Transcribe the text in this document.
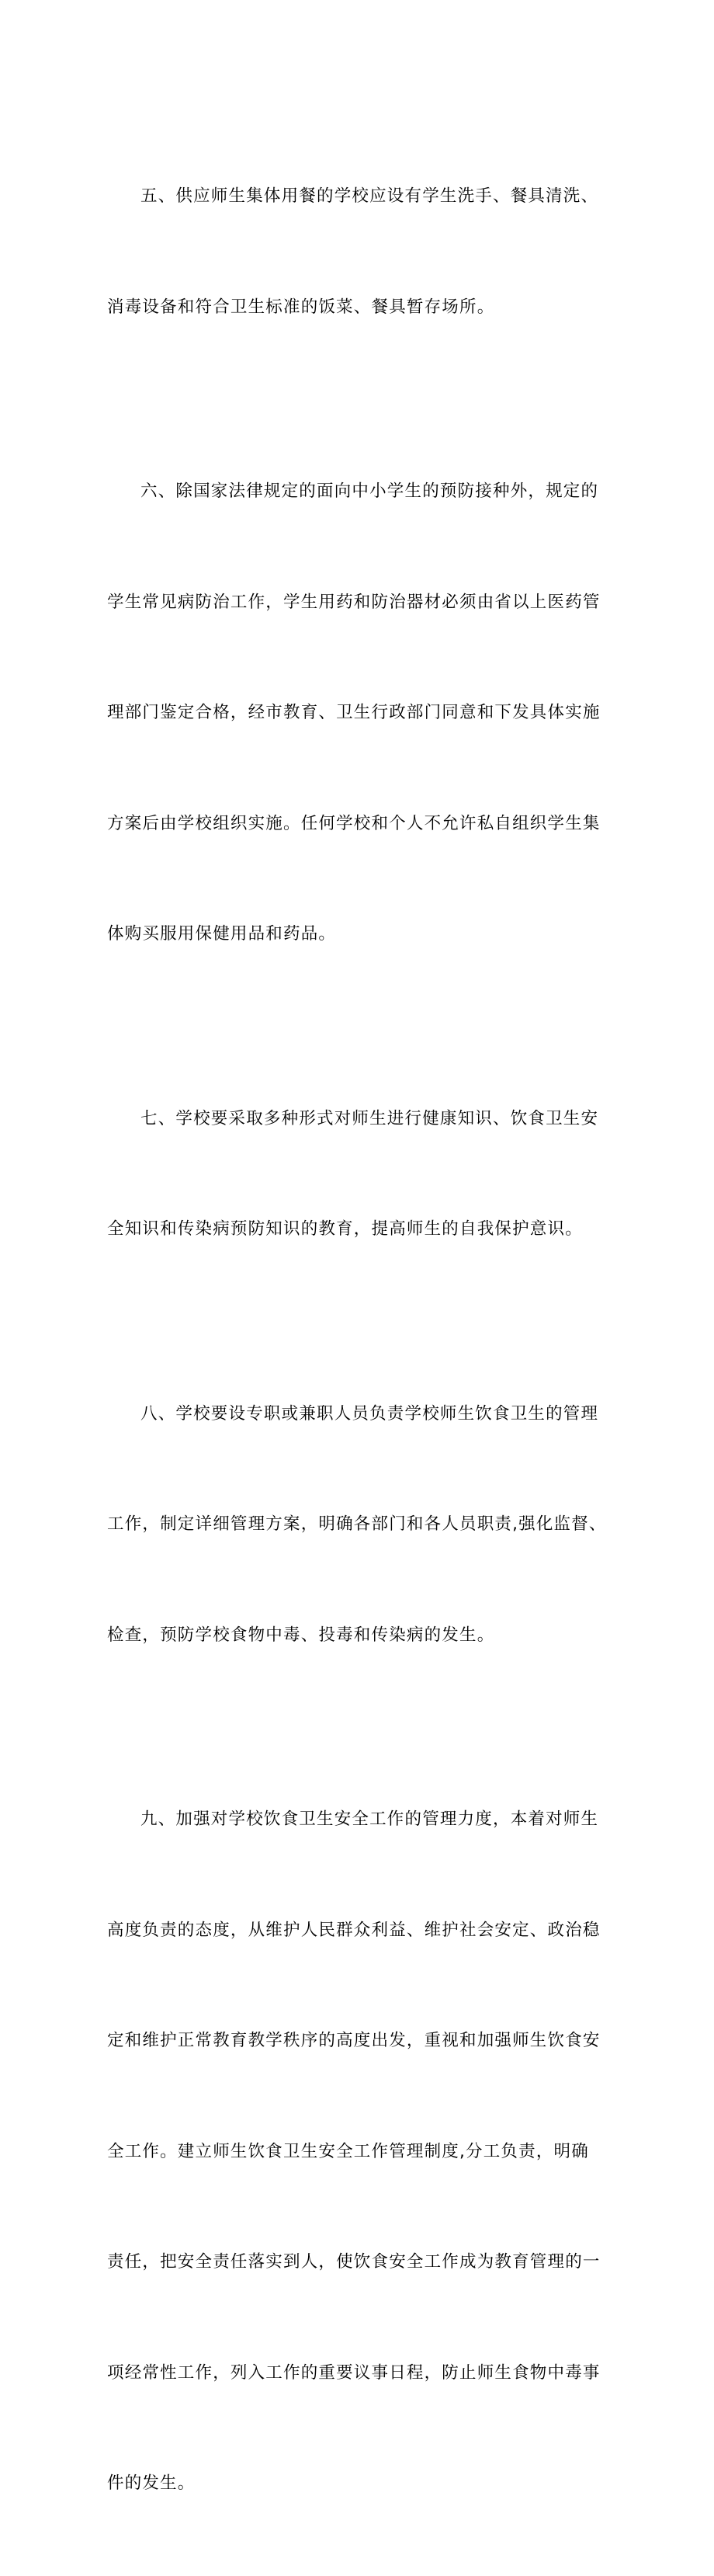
五、供应师生集体用餐的学校应设有学生洗手、餐具清洗、

消毒设备和符合卫生标准的饭菜、餐具暂存场所。

六、除国家法律规定的面向中小学生的预防接种外，规定的

学生常见病防治工作，学生用药和防治器材必须由省以上医药管

理部门鉴定合格，经市教育、卫生行政部门同意和下发具体实施

方案后由学校组织实施。任何学校和个人不允许私自组织学生集

体购买服用保健用品和药品。

七、学校要采取多种形式对师生进行健康知识、饮食卫生安

全知识和传染病预防知识的教育，提高师生的自我保护意识。

八、学校要设专职或兼职人员负责学校师生饮食卫生的管理

工作，制定详细管理方案，明确各部门和各人员职责,强化监督、

检查，预防学校食物中毒、投毒和传染病的发生。

九、加强对学校饮食卫生安全工作的管理力度，本着对师生

高度负责的态度，从维护人民群众利益、维护社会安定、政治稳

定和维护正常教育教学秩序的高度出发，重视和加强师生饮食安

全工作。建立师生饮食卫生安全工作管理制度,分工负责，明确

责任，把安全责任落实到人，使饮食安全工作成为教育管理的一

项经常性工作，列入工作的重要议事日程，防止师生食物中毒事

件的发生。
